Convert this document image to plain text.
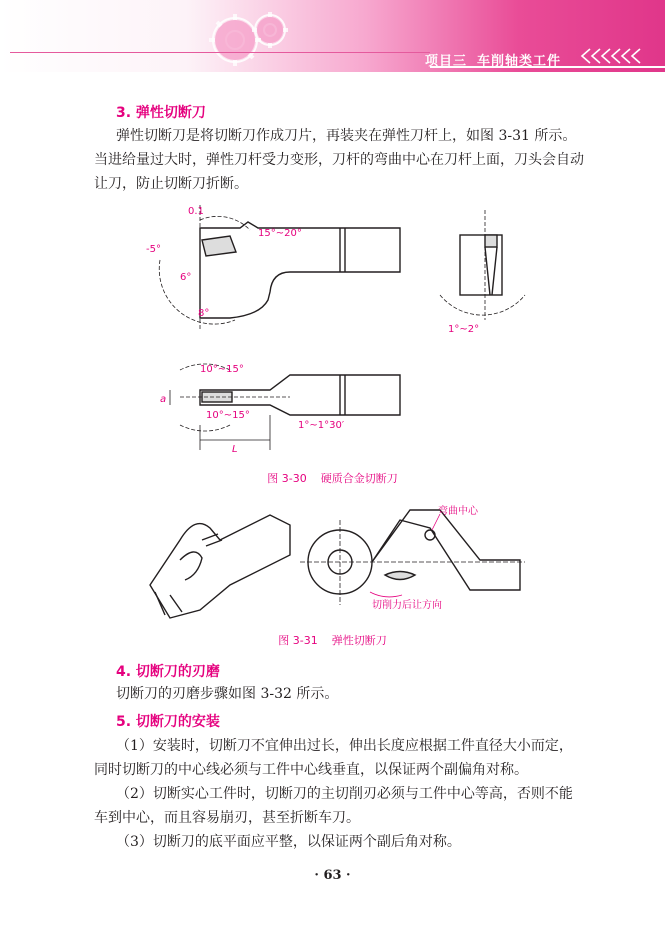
项目三 车削轴类工件
3. 弹性切断刀
弹性切断刀是将切断刀作成刀片，再装夹在弹性刀杆上，如图 3-31 所示。
当进给量过大时，弹性刀杆受力变形，刀杆的弯曲中心在刀杆上面，刀头会自动
让刀，防止切断刀折断。
0.1
15°~20°
-5°
6°
8°
1°~2°
10°~15°
10°~15°
1°~1°30′
a
L
图 3-30    硬质合金切断刀
弯曲中心
切削力后让方向
图 3-31    弹性切断刀
4. 切断刀的刃磨
切断刀的刃磨步骤如图 3-32 所示。
5. 切断刀的安装
（1）安装时，切断刀不宜伸出过长，伸出长度应根据工件直径大小而定，
同时切断刀的中心线必须与工件中心线垂直，以保证两个副偏角对称。
（2）切断实心工件时，切断刀的主切削刃必须与工件中心等高，否则不能
车到中心，而且容易崩刃，甚至折断车刀。
（3）切断刀的底平面应平整，以保证两个副后角对称。
· 63 ·
